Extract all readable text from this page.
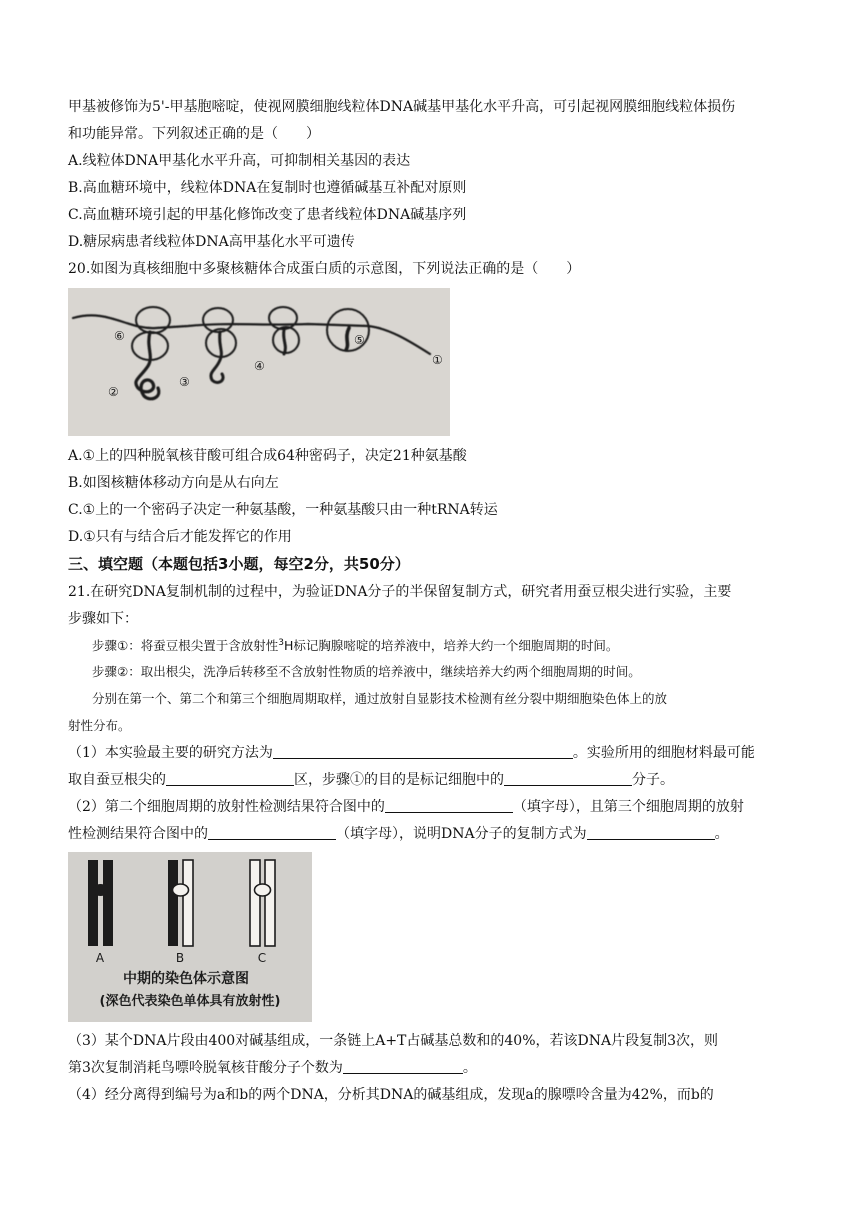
甲基被修饰为5'-甲基胞嘧啶，使视网膜细胞线粒体DNA碱基甲基化水平升高，可引起视网膜细胞线粒体损伤
和功能异常。下列叙述正确的是（　　）
A.线粒体DNA甲基化水平升高，可抑制相关基因的表达
B.高血糖环境中，线粒体DNA在复制时也遵循碱基互补配对原则
C.高血糖环境引起的甲基化修饰改变了患者线粒体DNA碱基序列
D.糖尿病患者线粒体DNA高甲基化水平可遗传
20.如图为真核细胞中多聚核糖体合成蛋白质的示意图，下列说法正确的是（　　）
⑥
②
③
④
⑤
①
A.①上的四种脱氧核苷酸可组合成64种密码子，决定21种氨基酸
B.如图核糖体移动方向是从右向左
C.①上的一个密码子决定一种氨基酸，一种氨基酸只由一种tRNA转运
D.①只有与结合后才能发挥它的作用
三、填空题（本题包括3小题，每空2分，共50分）
21.在研究DNA复制机制的过程中，为验证DNA分子的半保留复制方式，研究者用蚕豆根尖进行实验，主要
步骤如下：
步骤①：将蚕豆根尖置于含放射性$^3$H标记胸腺嘧啶的培养液中，培养大约一个细胞周期的时间。
步骤②：取出根尖，洗净后转移至不含放射性物质的培养液中，继续培养大约两个细胞周期的时间。
分别在第一个、第二个和第三个细胞周期取样，通过放射自显影技术检测有丝分裂中期细胞染色体上的放
射性分布。
（1）本实验最主要的研究方法为	。实验所用的细胞材料最可能
取自蚕豆根尖的	区，步骤①的目的是标记细胞中的	分子。
（2）第二个细胞周期的放射性检测结果符合图中的	（填字母），且第三个细胞周期的放射
性检测结果符合图中的	（填字母），说明DNA分子的复制方式为	。
A	B	C
中期的染色体示意图
(深色代表染色单体具有放射性)
（3）某个DNA片段由400对碱基组成，一条链上A+T占碱基总数和的40%，若该DNA片段复制3次，则
第3次复制消耗鸟嘌呤脱氧核苷酸分子个数为	。
（4）经分离得到编号为a和b的两个DNA，分析其DNA的碱基组成，发现a的腺嘌呤含量为42%，而b的
